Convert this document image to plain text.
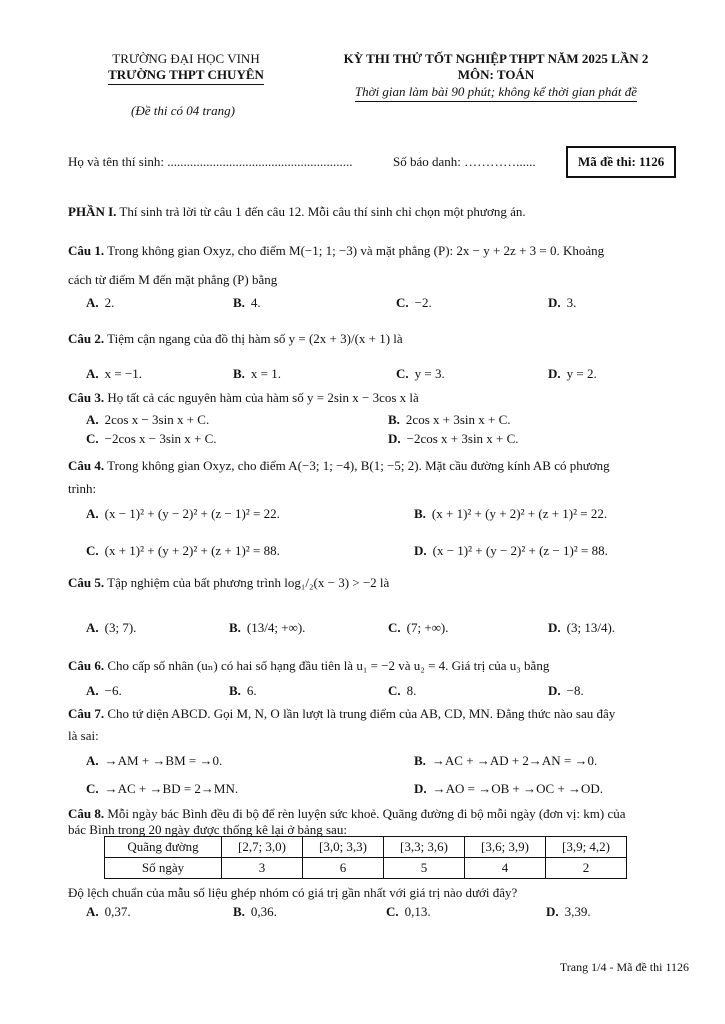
TRƯỜNG ĐẠI HỌC VINH
TRƯỜNG THPT CHUYÊN
(Đề thi có 04 trang)
KỲ THI THỬ TỐT NGHIỆP THPT NĂM 2025 LẦN 2
MÔN: TOÁN
Thời gian làm bài 90 phút; không kể thời gian phát đề
Họ và tên thí sinh: .........................................................	Số báo danh: …………......	Mã đề thi: 1126
PHẦN I. Thí sinh trả lời từ câu 1 đến câu 12. Mỗi câu thí sinh chỉ chọn một phương án.
Câu 1. Trong không gian Oxyz, cho điểm M(−1; 1; −3) và mặt phẳng (P): 2x − y + 2z + 3 = 0. Khoảng
cách từ điểm M đến mặt phẳng (P) bằng
A. 2.	B. 4.	C. −2.	D. 3.
Câu 2. Tiệm cận ngang của đồ thị hàm số y = (2x + 3)/(x + 1) là
A. x = −1.	B. x = 1.	C. y = 3.	D. y = 2.
Câu 3. Họ tất cả các nguyên hàm của hàm số y = 2sin x − 3cos x là
A. 2cos x − 3sin x + C.	B. 2cos x + 3sin x + C.
C. −2cos x − 3sin x + C.	D. −2cos x + 3sin x + C.
Câu 4. Trong không gian Oxyz, cho điểm A(−3; 1; −4), B(1; −5; 2). Mặt cầu đường kính AB có phương
trình:
A. (x − 1)² + (y − 2)² + (z − 1)² = 22.	B. (x + 1)² + (y + 2)² + (z + 1)² = 22.
C. (x + 1)² + (y + 2)² + (z + 1)² = 88.	D. (x − 1)² + (y − 2)² + (z − 1)² = 88.
Câu 5. Tập nghiệm của bất phương trình log₁/₂(x − 3) > −2 là
A. (3; 7).	B. (13/4; +∞).	C. (7; +∞).	D. (3; 13/4).
Câu 6. Cho cấp số nhân (uₙ) có hai số hạng đầu tiên là u₁ = −2 và u₂ = 4. Giá trị của u₃ bằng
A. −6.	B. 6.	C. 8.	D. −8.
Câu 7. Cho tứ diện ABCD. Gọi M, N, O lần lượt là trung điểm của AB, CD, MN. Đẳng thức nào sau đây
là sai:
A. →AM + →BM = →0.	B. →AC + →AD + 2→AN = →0.
C. →AC + →BD = 2→MN.	D. →AO = →OB + →OC + →OD.
Câu 8. Mỗi ngày bác Bình đều đi bộ để rèn luyện sức khoẻ. Quãng đường đi bộ mỗi ngày (đơn vị: km) của
bác Bình trong 20 ngày được thống kê lại ở bảng sau:
Quãng đường	[2,7; 3,0)	[3,0; 3,3)	[3,3; 3,6)	[3,6; 3,9)	[3,9; 4,2)
Số ngày	3	6	5	4	2
Độ lệch chuẩn của mẫu số liệu ghép nhóm có giá trị gần nhất với giá trị nào dưới đây?
A. 0,37.	B. 0,36.	C. 0,13.	D. 3,39.
Trang 1/4 - Mã đề thi 1126
